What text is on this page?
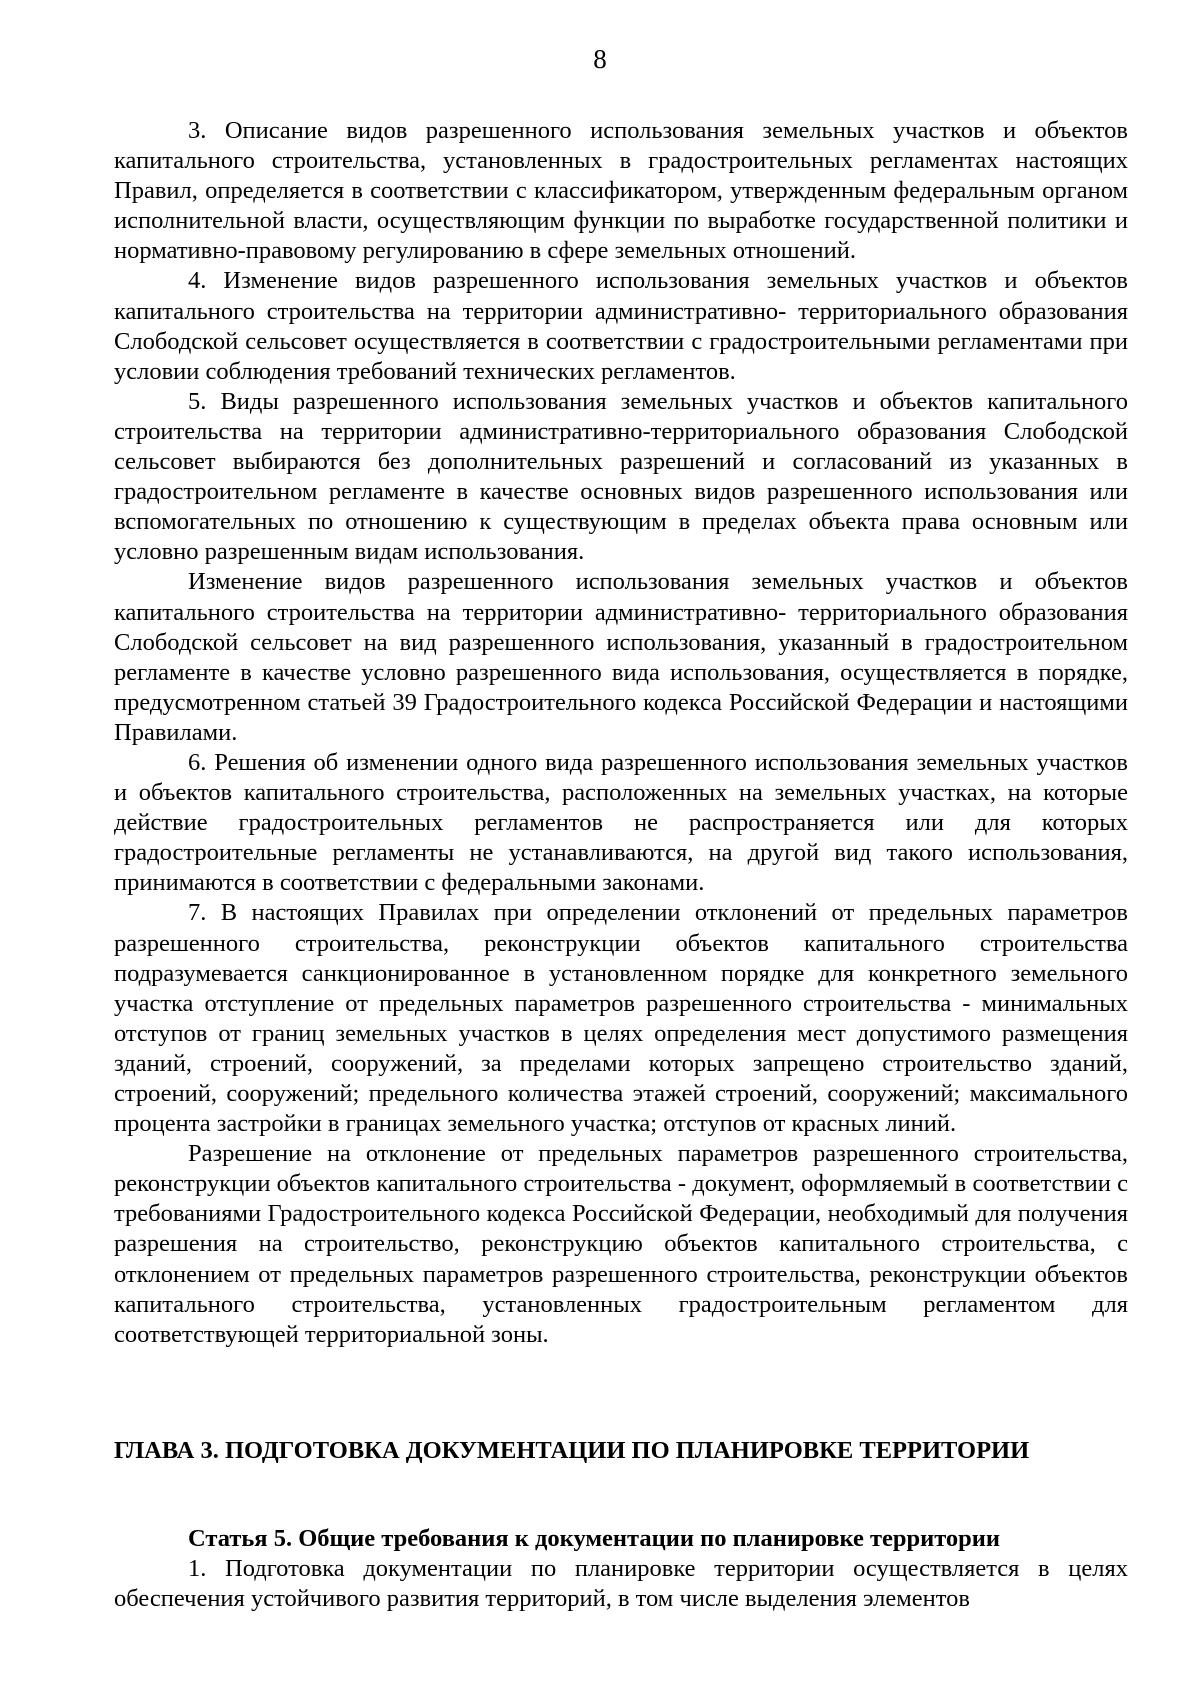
8

3. Описание видов разрешенного использования земельных участков и объектов капитального строительства, установленных в градостроительных регламентах настоящих Правил, определяется в соответствии с классификатором, утвержденным федеральным органом исполнительной власти, осуществляющим функции по выработке государственной политики и нормативно-правовому регулированию в сфере земельных отношений.

4. Изменение видов разрешенного использования земельных участков и объектов капитального строительства на территории административно- территориального образования Слободской сельсовет осуществляется в соответствии с градостроительными регламентами при условии соблюдения требований технических регламентов.

5. Виды разрешенного использования земельных участков и объектов капитального строительства на территории административно-территориального образования Слободской сельсовет выбираются без дополнительных разрешений и согласований из указанных в градостроительном регламенте в качестве основных видов разрешенного использования или вспомогательных по отношению к существующим в пределах объекта права основным или условно разрешенным видам использования.

Изменение видов разрешенного использования земельных участков и объектов капитального строительства на территории административно- территориального образования Слободской сельсовет на вид разрешенного использования, указанный в градостроительном регламенте в качестве условно разрешенного вида использования, осуществляется в порядке, предусмотренном статьей 39 Градостроительного кодекса Российской Федерации и настоящими Правилами.

6. Решения об изменении одного вида разрешенного использования земельных участков и объектов капитального строительства, расположенных на земельных участках, на которые действие градостроительных регламентов не распространяется или для которых градостроительные регламенты не устанавливаются, на другой вид такого использования, принимаются в соответствии с федеральными законами.

7. В настоящих Правилах при определении отклонений от предельных параметров разрешенного строительства, реконструкции объектов капитального строительства подразумевается санкционированное в установленном порядке для конкретного земельного участка отступление от предельных параметров разрешенного строительства - минимальных отступов от границ земельных участков в целях определения мест допустимого размещения зданий, строений, сооружений, за пределами которых запрещено строительство зданий, строений, сооружений; предельного количества этажей строений, сооружений; максимального процента застройки в границах земельного участка; отступов от красных линий.

Разрешение на отклонение от предельных параметров разрешенного строительства, реконструкции объектов капитального строительства - документ, оформляемый в соответствии с требованиями Градостроительного кодекса Российской Федерации, необходимый для получения разрешения на строительство, реконструкцию объектов капитального строительства, с отклонением от предельных параметров разрешенного строительства, реконструкции объектов капитального строительства, установленных градостроительным регламентом для соответствующей территориальной зоны.

ГЛАВА 3. ПОДГОТОВКА ДОКУМЕНТАЦИИ ПО ПЛАНИРОВКЕ ТЕРРИТОРИИ

Статья 5. Общие требования к документации по планировке территории

1. Подготовка документации по планировке территории осуществляется в целях обеспечения устойчивого развития территорий, в том числе выделения элементов
